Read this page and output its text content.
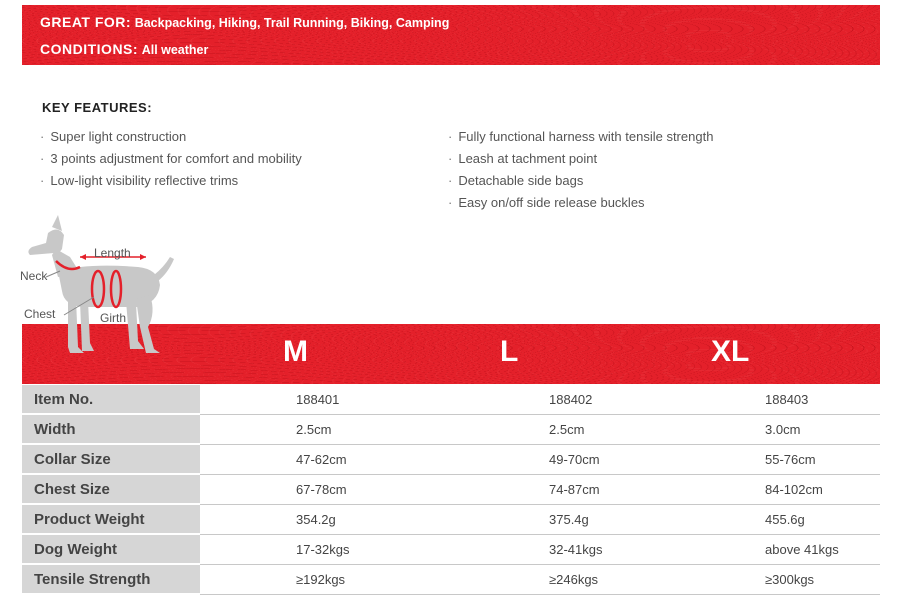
GREAT FOR: Backpacking, Hiking, Trail Running, Biking, Camping
CONDITIONS: All weather
KEY FEATURES:
· Super light construction
· 3 points adjustment for comfort and mobility
· Low-light visibility reflective trims
· Fully functional harness with tensile strength
· Leash at tachment point
· Detachable side bags
· Easy on/off side release buckles
M	L	XL
Length
Neck
Chest	Girth
Item No.	188401	188402	188403
Width	2.5cm	2.5cm	3.0cm
Collar Size	47-62cm	49-70cm	55-76cm
Chest Size	67-78cm	74-87cm	84-102cm
Product Weight	354.2g	375.4g	455.6g
Dog Weight	17-32kgs	32-41kgs	above 41kgs
Tensile Strength	≥192kgs	≥246kgs	≥300kgs
